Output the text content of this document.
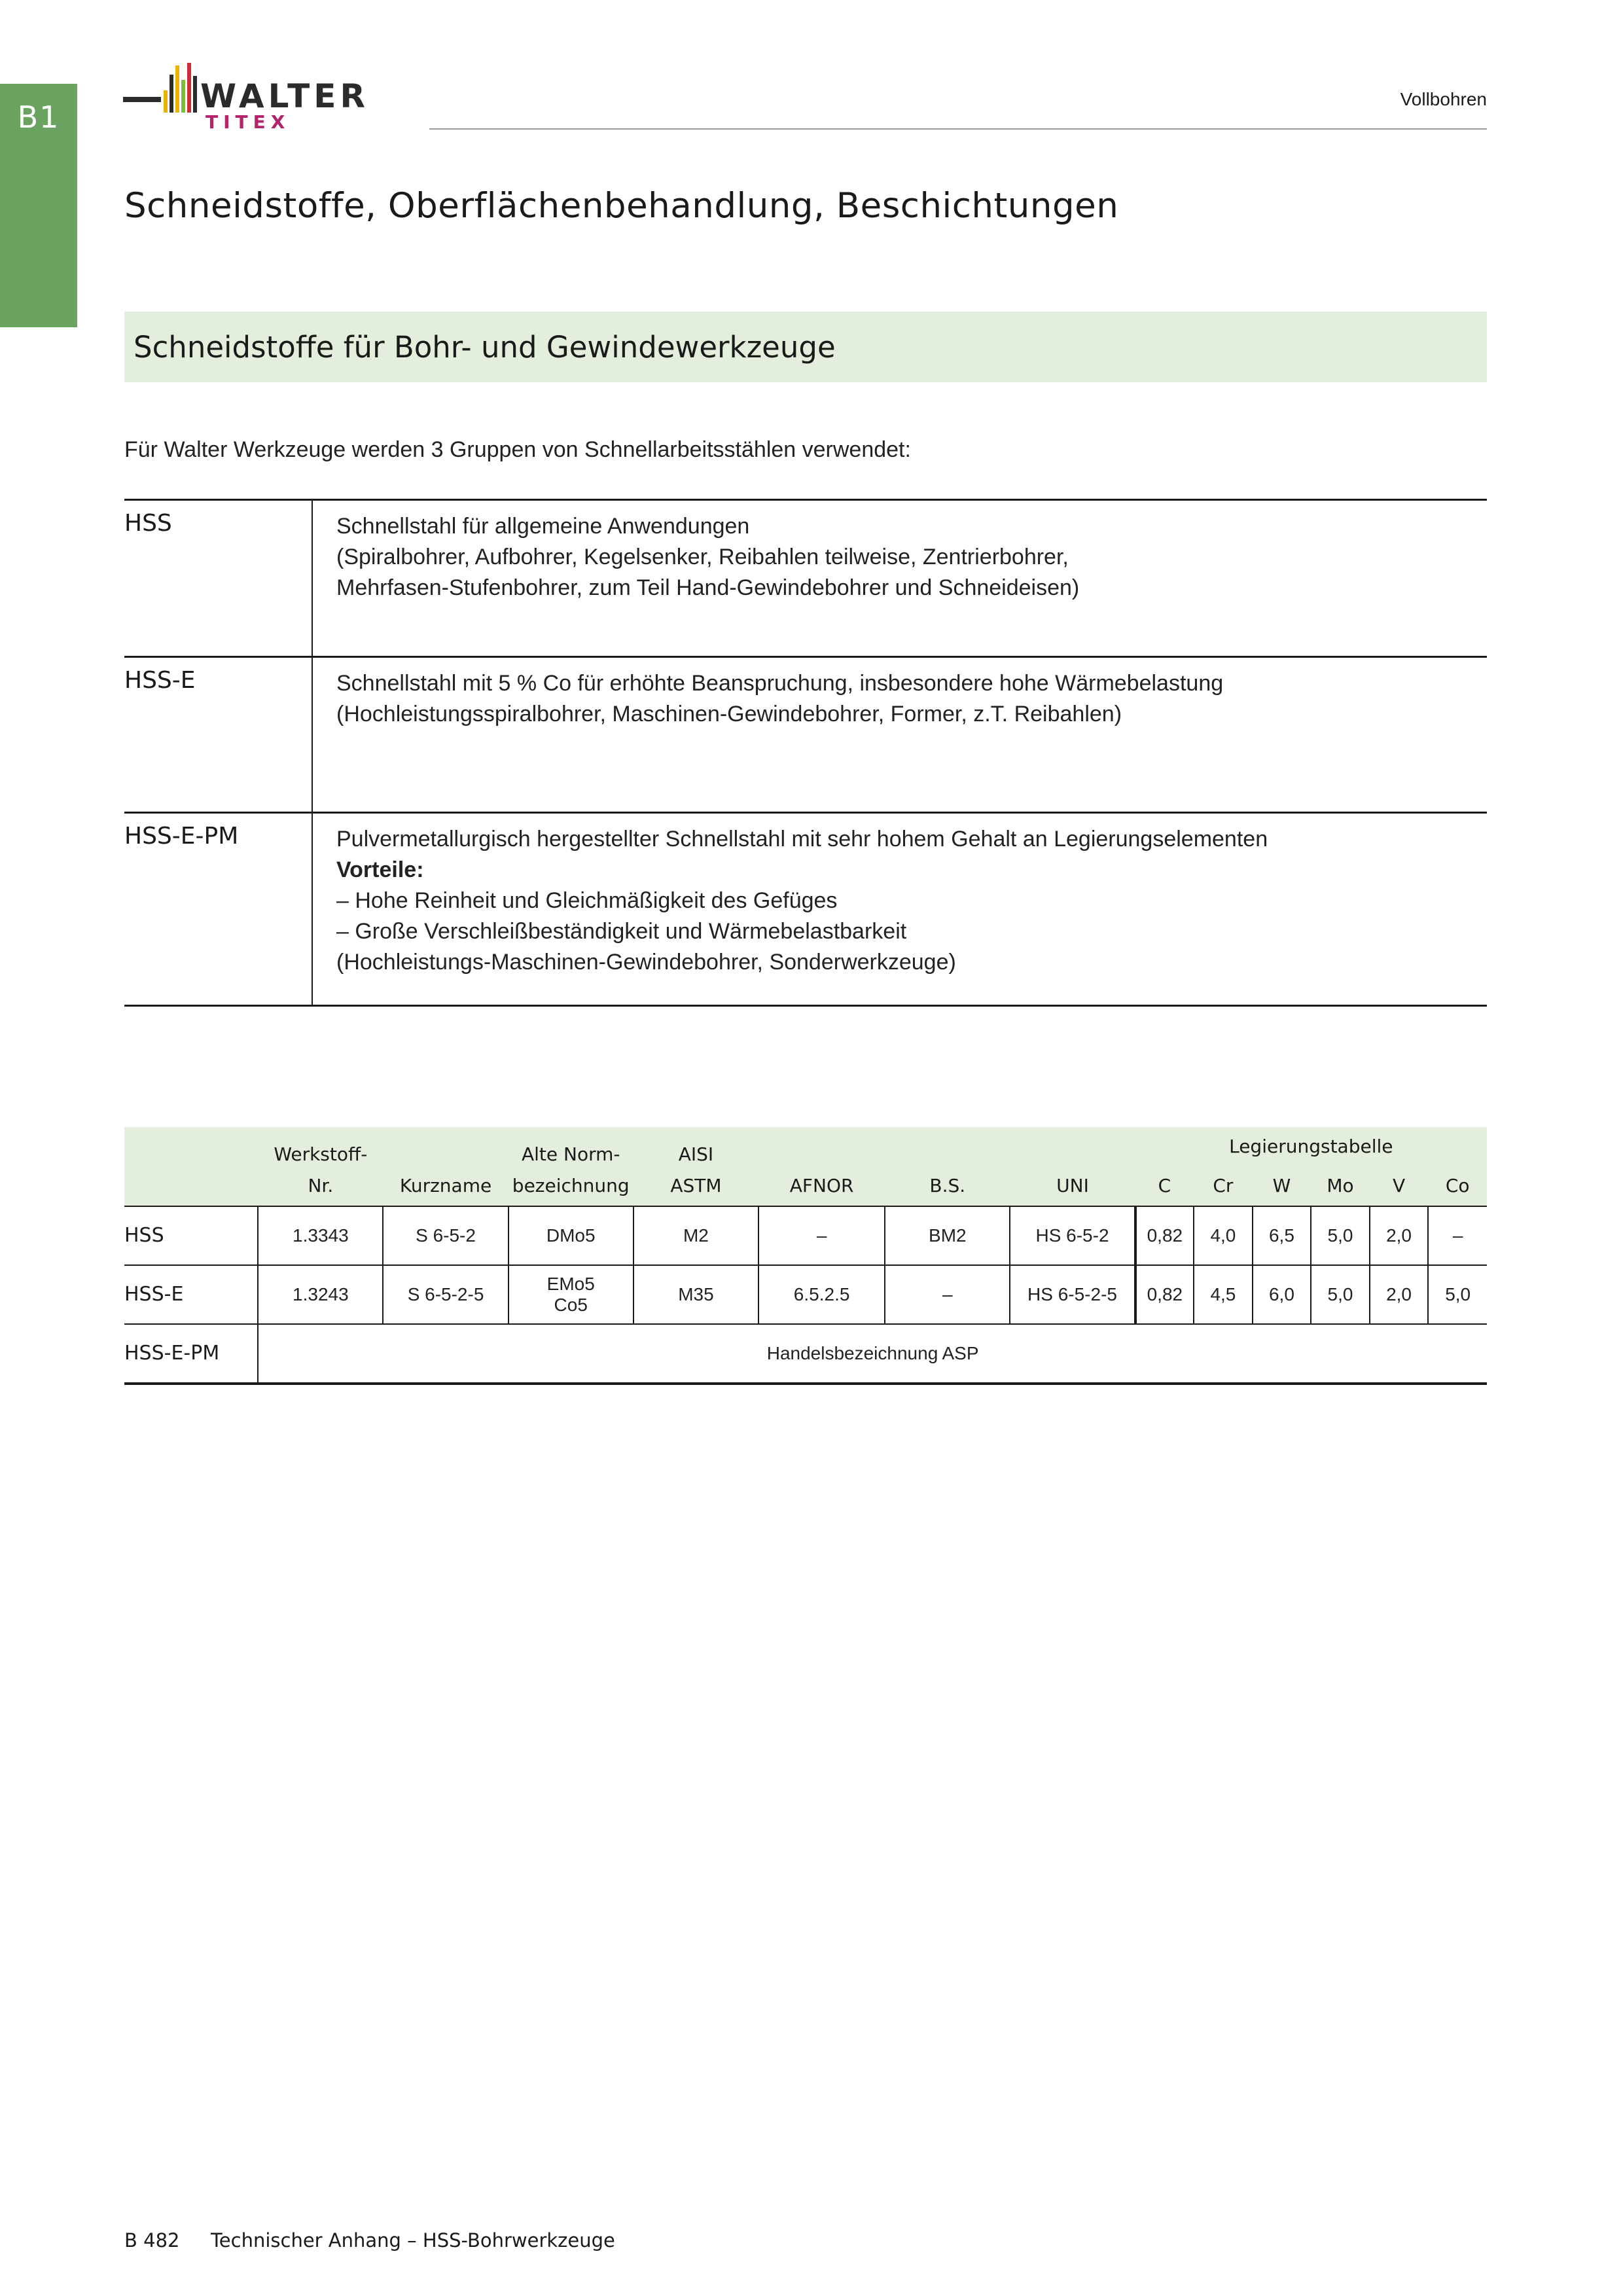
B1
WALTER
TITEX
Vollbohren
Schneidstoffe, Oberflächenbehandlung, Beschichtungen
Schneidstoffe für Bohr- und Gewindewerkzeuge
Für Walter Werkzeuge werden 3 Gruppen von Schnellarbeitsstählen verwendet:
HSS	Schnellstahl für allgemeine Anwendungen
(Spiralbohrer, Aufbohrer, Kegelsenker, Reibahlen teilweise, Zentrierbohrer,
Mehrfasen-Stufenbohrer, zum Teil Hand-Gewindebohrer und Schneideisen)
HSS-E	Schnellstahl mit 5 % Co für erhöhte Beanspruchung, insbesondere hohe Wärmebelastung
(Hochleistungsspiralbohrer, Maschinen-Gewindebohrer, Former, z.T. Reibahlen)
HSS-E-PM	Pulvermetallurgisch hergestellter Schnellstahl mit sehr hohem Gehalt an Legierungselementen
Vorteile:
– Hohe Reinheit und Gleichmäßigkeit des Gefüges
– Große Verschleißbeständigkeit und Wärmebelastbarkeit
(Hochleistungs-Maschinen-Gewindebohrer, Sonderwerkzeuge)
	Werkstoff-		Alte Norm-	AISI				Legierungstabelle					
	Nr.	Kurzname	bezeichnung	ASTM	AFNOR	B.S.	UNI	C	Cr	W	Mo	V	Co
HSS	1.3343	S 6-5-2	DMo5	M2	–	BM2	HS 6-5-2	0,82	4,0	6,5	5,0	2,0	–
HSS-E	1.3243	S 6-5-2-5	EMo5
Co5	M35	6.5.2.5	–	HS 6-5-2-5	0,82	4,5	6,0	5,0	2,0	5,0
HSS-E-PM	Handelsbezeichnung ASP												
B 482 Technischer Anhang – HSS-Bohrwerkzeuge
